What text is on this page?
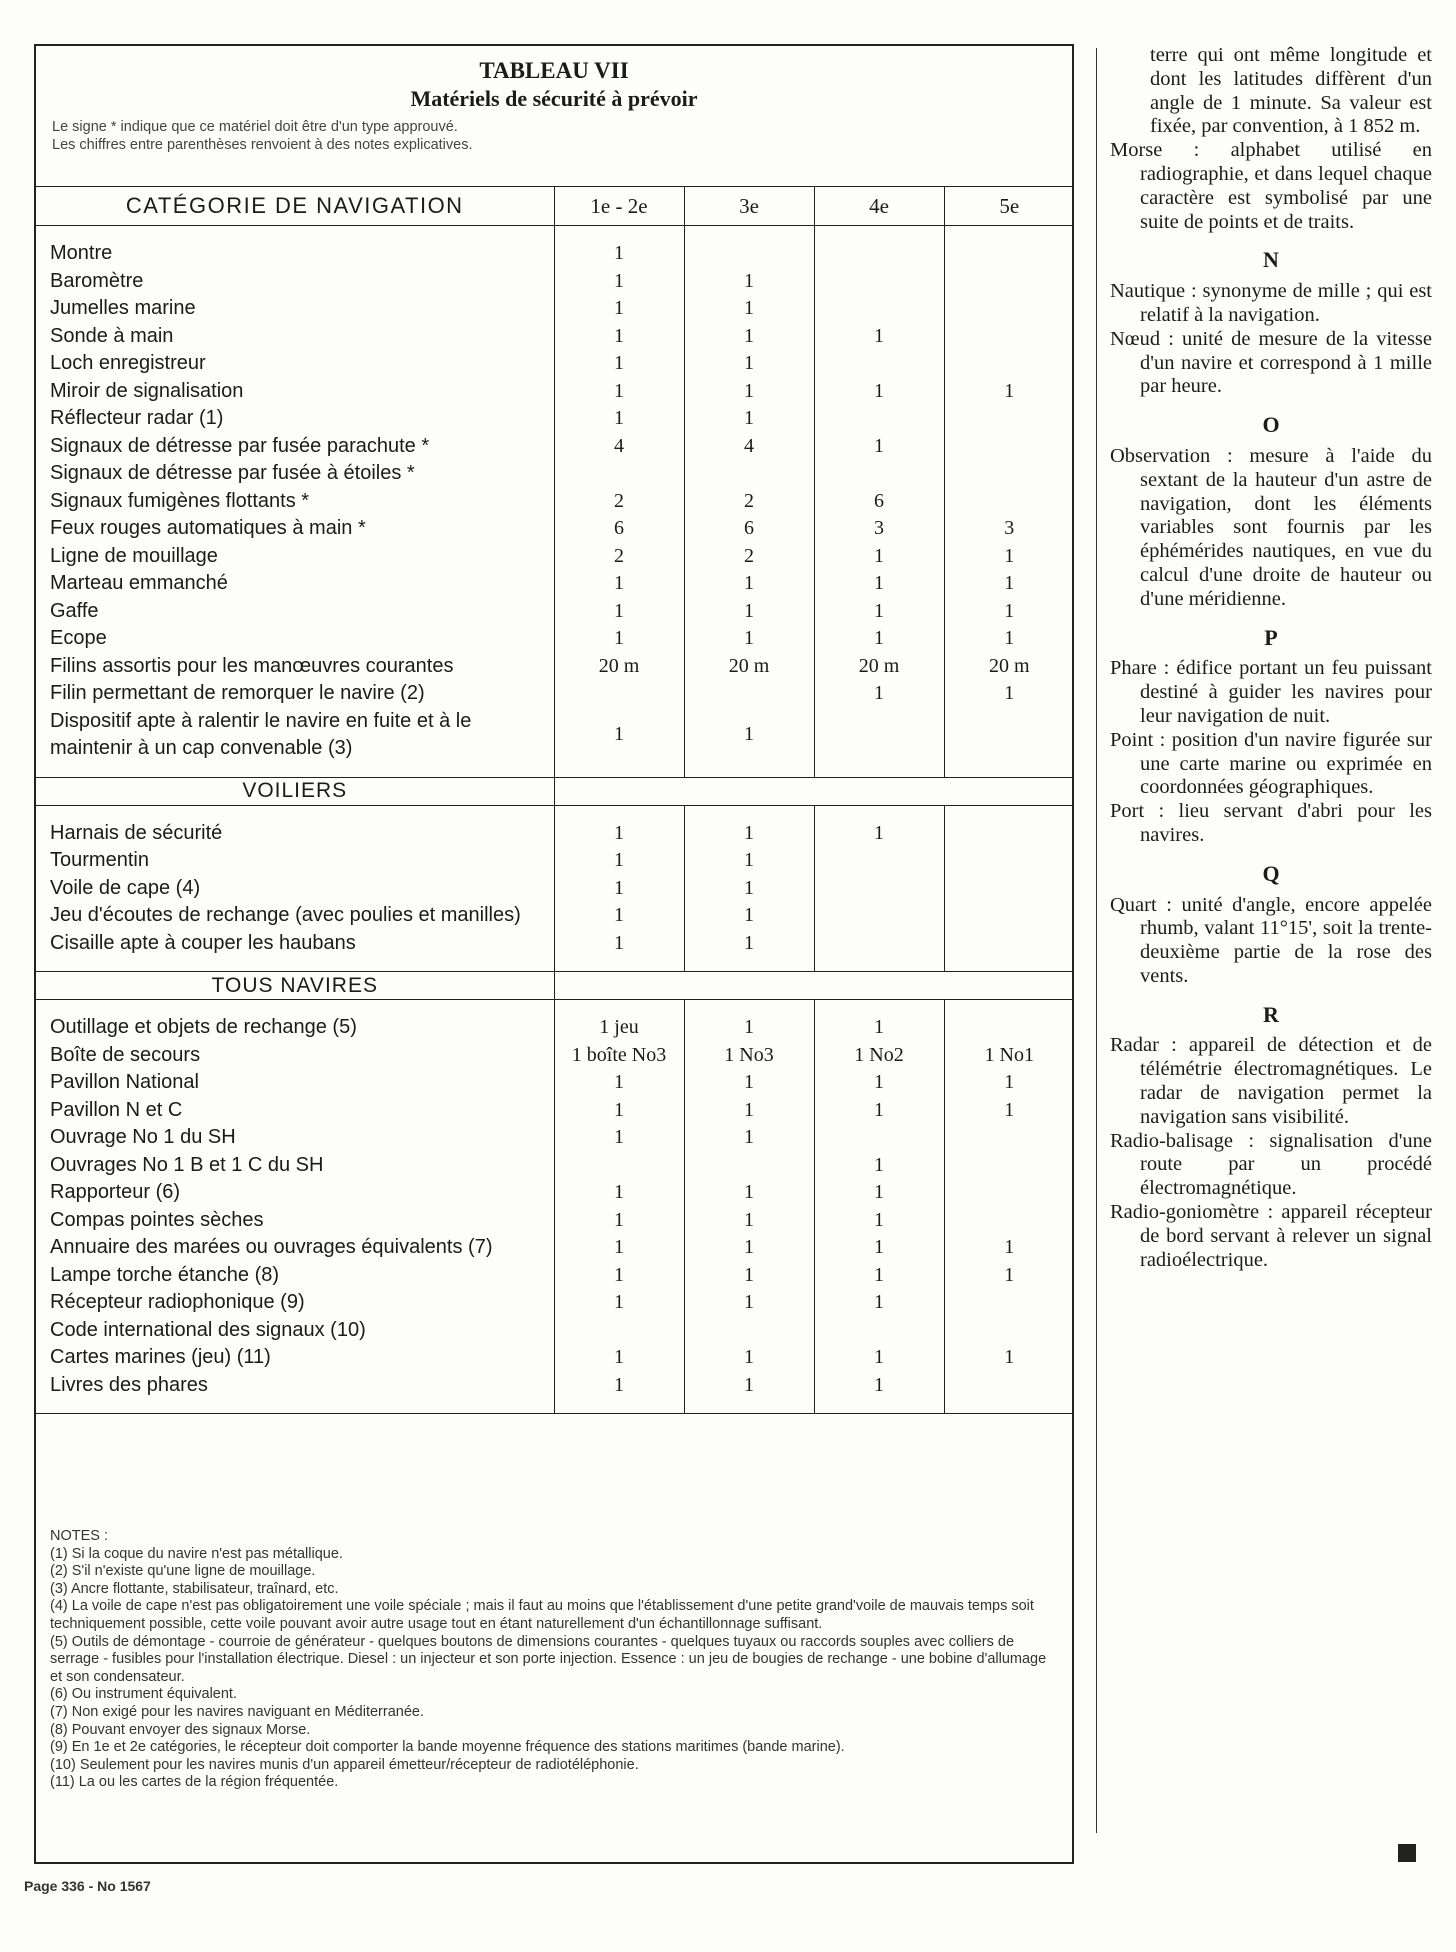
TABLEAU VII
Matériels de sécurité à prévoir
Le signe * indique que ce matériel doit être d'un type approuvé.
Les chiffres entre parenthèses renvoient à des notes explicatives.
CATÉGORIE DE NAVIGATION	1e - 2e	3e	4e	5e

Montre	1			
Baromètre	1	1		
Jumelles marine	1	1		
Sonde à main	1	1	1	
Loch enregistreur	1	1		
Miroir de signalisation	1	1	1	1
Réflecteur radar (1)	1	1		
Signaux de détresse par fusée parachute *	4	4	1	
Signaux de détresse par fusée à étoiles *				
Signaux fumigènes flottants *	2	2	6	
Feux rouges automatiques à main *	6	6	3	3
Ligne de mouillage	2	2	1	1
Marteau emmanché	1	1	1	1
Gaffe	1	1	1	1
Ecope	1	1	1	1
Filins assortis pour les manœuvres courantes	20 m	20 m	20 m	20 m
Filin permettant de remorquer le navire (2)			1	1
Dispositif apte à ralentir le navire en fuite et à le maintenir à un cap convenable (3)	1	1		

VOILIERS				

Harnais de sécurité	1	1	1	
Tourmentin	1	1		
Voile de cape (4)	1	1		
Jeu d'écoutes de rechange (avec poulies et manilles)	1	1		
Cisaille apte à couper les haubans	1	1		

TOUS NAVIRES				

Outillage et objets de rechange (5)	1 jeu	1	1	
Boîte de secours	1 boîte No3	1 No3	1 No2	1 No1
Pavillon National	1	1	1	1
Pavillon N et C	1	1	1	1
Ouvrage No 1 du SH	1	1		
Ouvrages No 1 B et 1 C du SH			1	
Rapporteur (6)	1	1	1	
Compas pointes sèches	1	1	1	
Annuaire des marées ou ouvrages équivalents (7)	1	1	1	1
Lampe torche étanche (8)	1	1	1	1
Récepteur radiophonique (9)	1	1	1	
Code international des signaux (10)				
Cartes marines (jeu) (11)	1	1	1	1
Livres des phares	1	1	1	

NOTES :
(1) Si la coque du navire n'est pas métallique.
(2) S'il n'existe qu'une ligne de mouillage.
(3) Ancre flottante, stabilisateur, traînard, etc.
(4) La voile de cape n'est pas obligatoirement une voile spéciale ; mais il faut au moins que l'établissement d'une petite grand'voile de mauvais temps soit techniquement possible, cette voile pouvant avoir autre usage tout en étant naturellement d'un échantillonnage suffisant.
(5) Outils de démontage - courroie de générateur - quelques boutons de dimensions courantes - quelques tuyaux ou raccords souples avec colliers de serrage - fusibles pour l'installation électrique. Diesel : un injecteur et son porte injection. Essence : un jeu de bougies de rechange - une bobine d'allumage et son condensateur.
(6) Ou instrument équivalent.
(7) Non exigé pour les navires naviguant en Méditerranée.
(8) Pouvant envoyer des signaux Morse.
(9) En 1e et 2e catégories, le récepteur doit comporter la bande moyenne fréquence des stations maritimes (bande marine).
(10) Seulement pour les navires munis d'un appareil émetteur/récepteur de radiotéléphonie.
(11) La ou les cartes de la région fréquentée.
Page 336 - No 1567
terre qui ont même longitude et dont les latitudes diffèrent d'un angle de 1 minute. Sa valeur est fixée, par convention, à 1 852 m.
Morse : alphabet utilisé en radiographie, et dans lequel chaque caractère est symbolisé par une suite de points et de traits.
N
Nautique : synonyme de mille ; qui est relatif à la navigation.
Nœud : unité de mesure de la vitesse d'un navire et correspond à 1 mille par heure.
O
Observation : mesure à l'aide du sextant de la hauteur d'un astre de navigation, dont les éléments variables sont fournis par les éphémérides nautiques, en vue du calcul d'une droite de hauteur ou d'une méridienne.
P
Phare : édifice portant un feu puissant destiné à guider les navires pour leur navigation de nuit.
Point : position d'un navire figurée sur une carte marine ou exprimée en coordonnées géographiques.
Port : lieu servant d'abri pour les navires.
Q
Quart : unité d'angle, encore appelée rhumb, valant 11°15', soit la trente-deuxième partie de la rose des vents.
R
Radar : appareil de détection et de télémétrie électromagnétiques. Le radar de navigation permet la navigation sans visibilité.
Radio-balisage : signalisation d'une route par un procédé électromagnétique.
Radio-goniomètre : appareil récepteur de bord servant à relever un signal radioélectrique.
